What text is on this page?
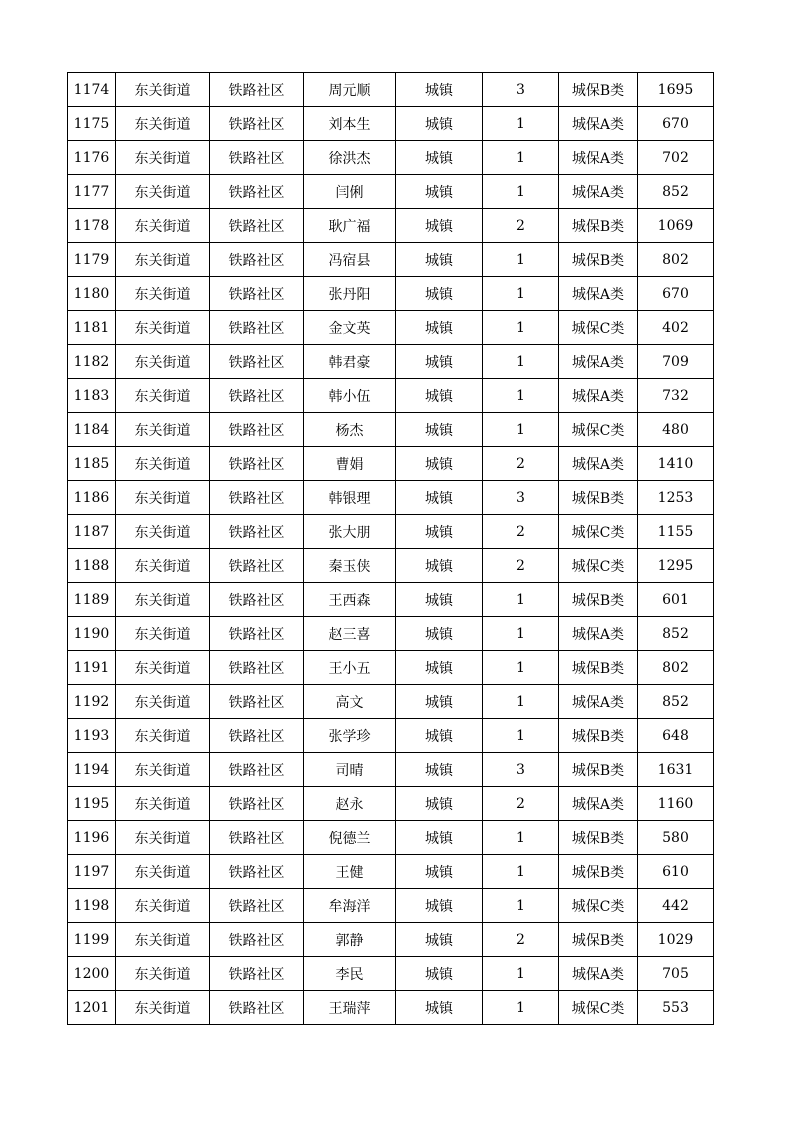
1174	东关街道	铁路社区	周元顺	城镇	3	城保B类	1695
1175	东关街道	铁路社区	刘本生	城镇	1	城保A类	670
1176	东关街道	铁路社区	徐洪杰	城镇	1	城保A类	702
1177	东关街道	铁路社区	闫俐	城镇	1	城保A类	852
1178	东关街道	铁路社区	耿广福	城镇	2	城保B类	1069
1179	东关街道	铁路社区	冯宿县	城镇	1	城保B类	802
1180	东关街道	铁路社区	张丹阳	城镇	1	城保A类	670
1181	东关街道	铁路社区	金文英	城镇	1	城保C类	402
1182	东关街道	铁路社区	韩君豪	城镇	1	城保A类	709
1183	东关街道	铁路社区	韩小伍	城镇	1	城保A类	732
1184	东关街道	铁路社区	杨杰	城镇	1	城保C类	480
1185	东关街道	铁路社区	曹娟	城镇	2	城保A类	1410
1186	东关街道	铁路社区	韩银理	城镇	3	城保B类	1253
1187	东关街道	铁路社区	张大朋	城镇	2	城保C类	1155
1188	东关街道	铁路社区	秦玉侠	城镇	2	城保C类	1295
1189	东关街道	铁路社区	王西森	城镇	1	城保B类	601
1190	东关街道	铁路社区	赵三喜	城镇	1	城保A类	852
1191	东关街道	铁路社区	王小五	城镇	1	城保B类	802
1192	东关街道	铁路社区	高文	城镇	1	城保A类	852
1193	东关街道	铁路社区	张学珍	城镇	1	城保B类	648
1194	东关街道	铁路社区	司晴	城镇	3	城保B类	1631
1195	东关街道	铁路社区	赵永	城镇	2	城保A类	1160
1196	东关街道	铁路社区	倪德兰	城镇	1	城保B类	580
1197	东关街道	铁路社区	王健	城镇	1	城保B类	610
1198	东关街道	铁路社区	牟海洋	城镇	1	城保C类	442
1199	东关街道	铁路社区	郭静	城镇	2	城保B类	1029
1200	东关街道	铁路社区	李民	城镇	1	城保A类	705
1201	东关街道	铁路社区	王瑞萍	城镇	1	城保C类	553
